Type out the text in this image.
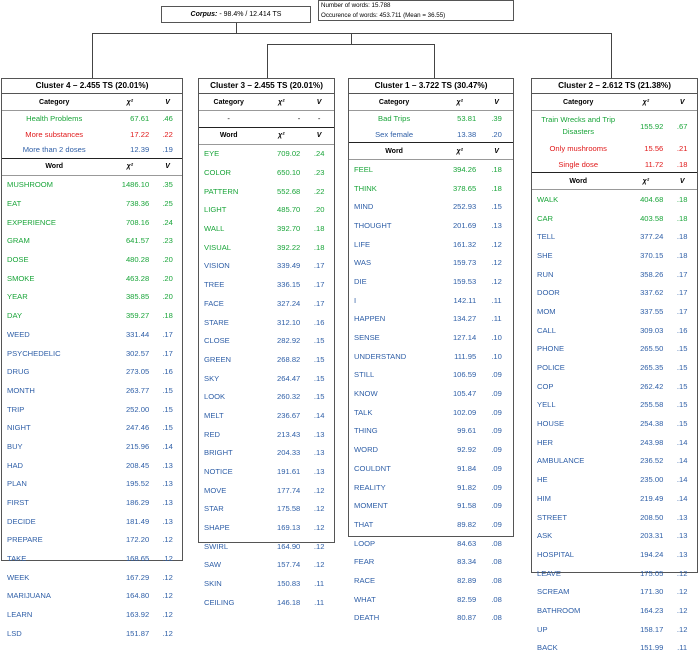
Corpus: - 98.4% / 12.414 TS
Number of words: 15.788
Occurence of words: 453.711 (Mean = 36.55)
Cluster 4 – 2.455 TS (20.01%)
Category	χ²	V
Health Problems	67.61	.46
More substances	17.22	.22
More than 2 doses	12.39	.19
Word	χ²	V
MUSHROOM	1486.10	.35
EAT	738.36	.25
EXPERIENCE	708.16	.24
GRAM	641.57	.23
DOSE	480.28	.20
SMOKE	463.28	.20
YEAR	385.85	.20
DAY	359.27	.18
WEED	331.44	.17
PSYCHEDELIC	302.57	.17
DRUG	273.05	.16
MONTH	263.77	.15
TRIP	252.00	.15
NIGHT	247.46	.15
BUY	215.96	.14
HAD	208.45	.13
PLAN	195.52	.13
FIRST	186.29	.13
DECIDE	181.49	.13
PREPARE	172.20	.12
TAKE	168.65	.12
WEEK	167.29	.12
MARIJUANA	164.80	.12
LEARN	163.92	.12
LSD	151.87	.12
Cluster 3 – 2.455 TS (20.01%)
Category	χ²	V
-	-	-
Word	χ²	V
EYE	709.02	.24
COLOR	650.10	.23
PATTERN	552.68	.22
LIGHT	485.70	.20
WALL	392.70	.18
VISUAL	392.22	.18
VISION	339.49	.17
TREE	336.15	.17
FACE	327.24	.17
STARE	312.10	.16
CLOSE	282.92	.15
GREEN	268.82	.15
SKY	264.47	.15
LOOK	260.32	.15
MELT	236.67	.14
RED	213.43	.13
BRIGHT	204.33	.13
NOTICE	191.61	.13
MOVE	177.74	.12
STAR	175.58	.12
SHAPE	169.13	.12
SWIRL	164.90	.12
SAW	157.74	.12
SKIN	150.83	.11
CEILING	146.18	.11
Cluster 1 – 3.722 TS (30.47%)
Category	χ²	V
Bad Trips	53.81	.39
Sex female	13.38	.20
Word	χ²	V
FEEL	394.26	.18
THINK	378.65	.18
MIND	252.93	.15
THOUGHT	201.69	.13
LIFE	161.32	.12
WAS	159.73	.12
DIE	159.53	.12
I	142.11	.11
HAPPEN	134.27	.11
SENSE	127.14	.10
UNDERSTAND	111.95	.10
STILL	106.59	.09
KNOW	105.47	.09
TALK	102.09	.09
THING	99.61	.09
WORD	92.92	.09
COULDNT	91.84	.09
REALITY	91.82	.09
MOMENT	91.58	.09
THAT	89.82	.09
LOOP	84.63	.08
FEAR	83.34	.08
RACE	82.89	.08
WHAT	82.59	.08
DEATH	80.87	.08
Cluster 2 – 2.612 TS (21.38%)
Category	χ²	V
Train Wrecks and Trip Disasters	155.92	.67
Only mushrooms	15.56	.21
Single dose	11.72	.18
Word	χ²	V
WALK	404.68	.18
CAR	403.58	.18
TELL	377.24	.18
SHE	370.15	.18
RUN	358.26	.17
DOOR	337.62	.17
MOM	337.55	.17
CALL	309.03	.16
PHONE	265.50	.15
POLICE	265.35	.15
COP	262.42	.15
YELL	255.58	.15
HOUSE	254.38	.15
HER	243.98	.14
AMBULANCE	236.52	.14
HE	235.00	.14
HIM	219.49	.14
STREET	208.50	.13
ASK	203.31	.13
HOSPITAL	194.24	.13
LEAVE	175.05	.12
SCREAM	171.30	.12
BATHROOM	164.23	.12
UP	158.17	.12
BACK	151.99	.11
